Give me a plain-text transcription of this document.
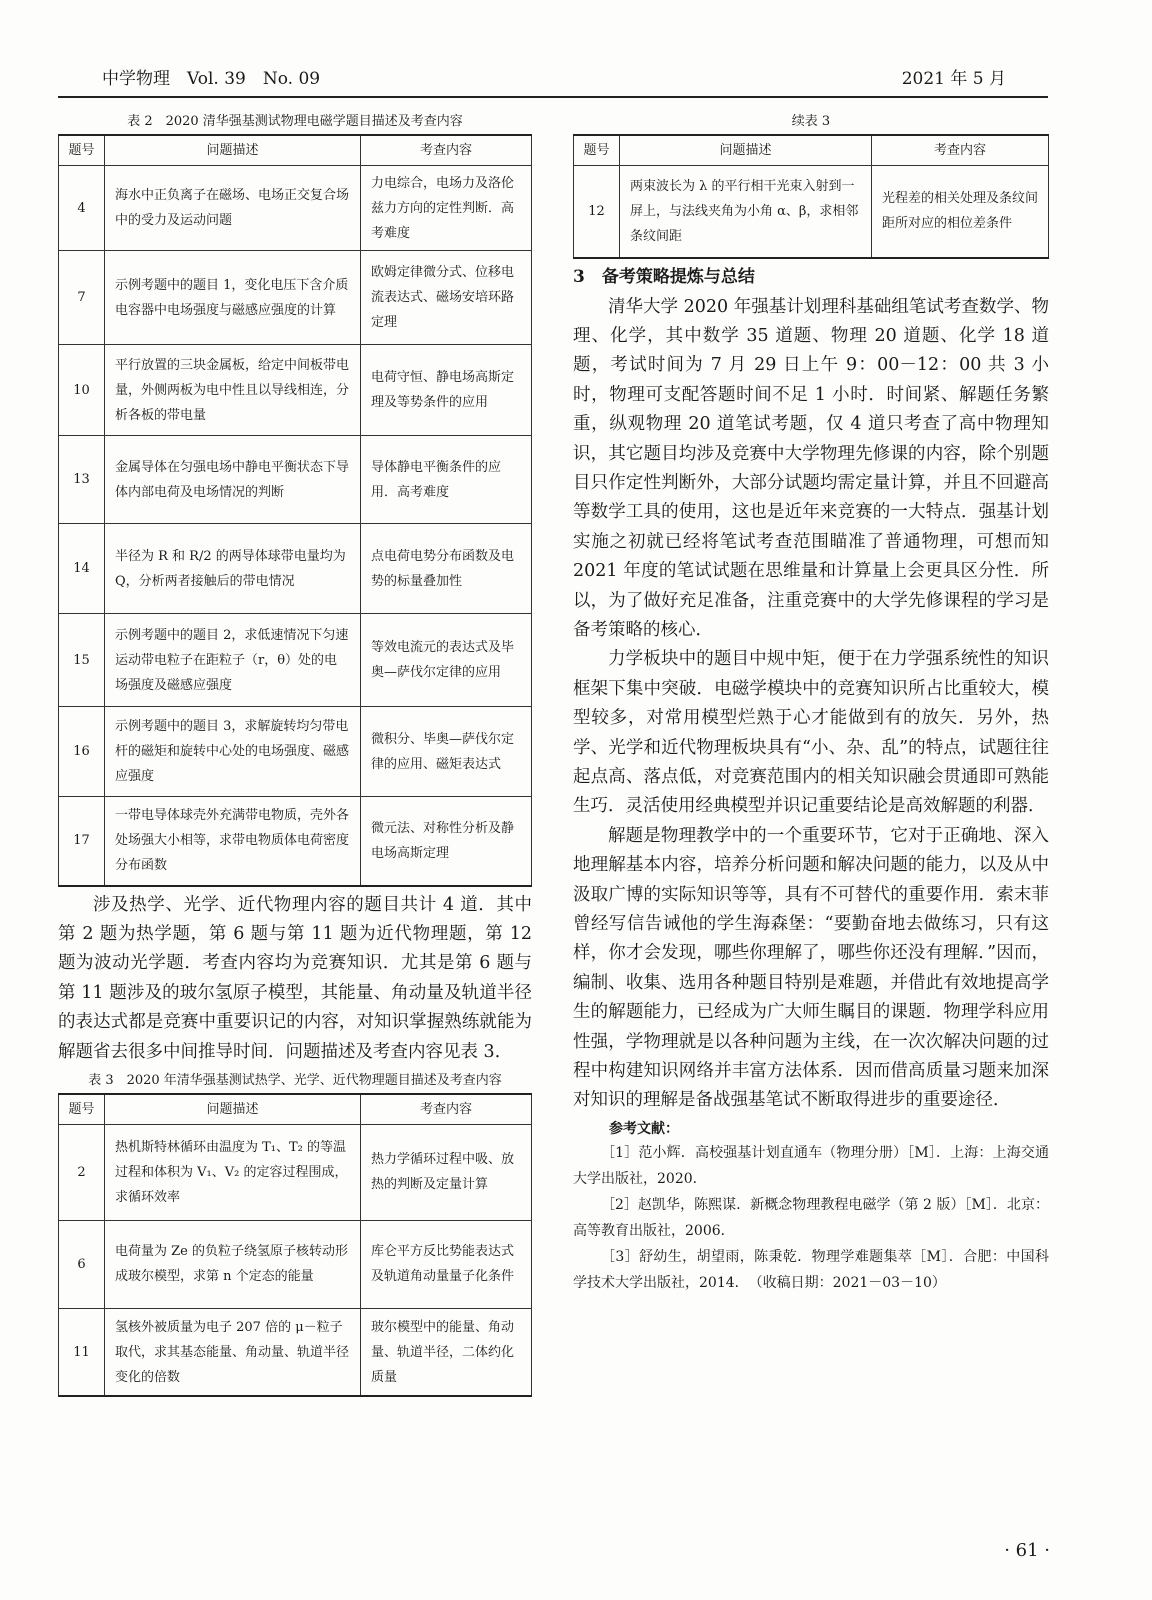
中学物理　Vol. 39　No. 09	2021 年 5 月
表 2　2020 清华强基测试物理电磁学题目描述及考查内容
题号	问题描述	考查内容
4	海水中正负离子在磁场、电场正交复合场中的受力及运动问题	力电综合，电场力及洛伦兹力方向的定性判断．高考难度
7	示例考题中的题目 1，变化电压下含介质电容器中电场强度与磁感应强度的计算	欧姆定律微分式、位移电流表达式、磁场安培环路定理
10	平行放置的三块金属板，给定中间板带电量，外侧两板为电中性且以导线相连，分析各板的带电量	电荷守恒、静电场高斯定理及等势条件的应用
13	金属导体在匀强电场中静电平衡状态下导体内部电荷及电场情况的判断	导体静电平衡条件的应用．高考难度
14	半径为 R 和 R/2 的两导体球带电量均为 Q，分析两者接触后的带电情况	点电荷电势分布函数及电势的标量叠加性
15	示例考题中的题目 2，求低速情况下匀速运动带电粒子在距粒子（r，θ）处的电场强度及磁感应强度	等效电流元的表达式及毕奥—萨伐尔定律的应用
16	示例考题中的题目 3，求解旋转均匀带电杆的磁矩和旋转中心处的电场强度、磁感应强度	微积分、毕奥—萨伐尔定律的应用、磁矩表达式
17	一带电导体球壳外充满带电物质，壳外各处场强大小相等，求带电物质体电荷密度分布函数	微元法、对称性分析及静电场高斯定理

涉及热学、光学、近代物理内容的题目共计 4 道．其中第 2 题为热学题，第 6 题与第 11 题为近代物理题，第 12 题为波动光学题．考查内容均为竞赛知识．尤其是第 6 题与第 11 题涉及的玻尔氢原子模型，其能量、角动量及轨道半径的表达式都是竞赛中重要识记的内容，对知识掌握熟练就能为解题省去很多中间推导时间．问题描述及考查内容见表 3．

表 3　2020 年清华强基测试热学、光学、近代物理题目描述及考查内容
题号	问题描述	考查内容
2	热机斯特林循环由温度为 T₁、T₂ 的等温过程和体积为 V₁、V₂ 的定容过程围成，求循环效率	热力学循环过程中吸、放热的判断及定量计算
6	电荷量为 Ze 的负粒子绕氢原子核转动形成玻尔模型，求第 n 个定态的能量	库仑平方反比势能表达式及轨道角动量量子化条件
11	氢核外被质量为电子 207 倍的 μ－粒子取代，求其基态能量、角动量、轨道半径变化的倍数	玻尔模型中的能量、角动量、轨道半径，二体约化质量
续表 3
题号	问题描述	考查内容
12	两束波长为 λ 的平行相干光束入射到一屏上，与法线夹角为小角 α、β，求相邻条纹间距	光程差的相关处理及条纹间距所对应的相位差条件
3　备考策略提炼与总结

清华大学 2020 年强基计划理科基础组笔试考查数学、物理、化学，其中数学 35 道题、物理 20 道题、化学 18 道题，考试时间为 7 月 29 日上午 9：00－12：00 共 3 小时，物理可支配答题时间不足 1 小时．时间紧、解题任务繁重，纵观物理 20 道笔试考题，仅 4 道只考查了高中物理知识，其它题目均涉及竞赛中大学物理先修课的内容，除个别题目只作定性判断外，大部分试题均需定量计算，并且不回避高等数学工具的使用，这也是近年来竞赛的一大特点．强基计划实施之初就已经将笔试考查范围瞄准了普通物理，可想而知 2021 年度的笔试试题在思维量和计算量上会更具区分性．所以，为了做好充足准备，注重竞赛中的大学先修课程的学习是备考策略的核心．

力学板块中的题目中规中矩，便于在力学强系统性的知识框架下集中突破．电磁学模块中的竞赛知识所占比重较大，模型较多，对常用模型烂熟于心才能做到有的放矢．另外，热学、光学和近代物理板块具有“小、杂、乱”的特点，试题往往起点高、落点低，对竞赛范围内的相关知识融会贯通即可熟能生巧．灵活使用经典模型并识记重要结论是高效解题的利器．

解题是物理教学中的一个重要环节，它对于正确地、深入地理解基本内容，培养分析问题和解决问题的能力，以及从中汲取广博的实际知识等等，具有不可替代的重要作用．索末菲曾经写信告诫他的学生海森堡：“要勤奋地去做练习，只有这样，你才会发现，哪些你理解了，哪些你还没有理解．”因而，编制、收集、选用各种题目特别是难题，并借此有效地提高学生的解题能力，已经成为广大师生瞩目的课题．物理学科应用性强，学物理就是以各种问题为主线，在一次次解决问题的过程中构建知识网络并丰富方法体系．因而借高质量习题来加深对知识的理解是备战强基笔试不断取得进步的重要途径．

参考文献：

［1］范小辉．高校强基计划直通车（物理分册）［M］．上海：上海交通大学出版社，2020．

［2］赵凯华，陈熙谋．新概念物理教程电磁学（第 2 版）［M］．北京：高等教育出版社，2006．

［3］舒幼生，胡望雨，陈秉乾．物理学难题集萃［M］．合肥：中国科学技术大学出版社，2014．　（收稿日期：2021－03－10）

· 61 ·
